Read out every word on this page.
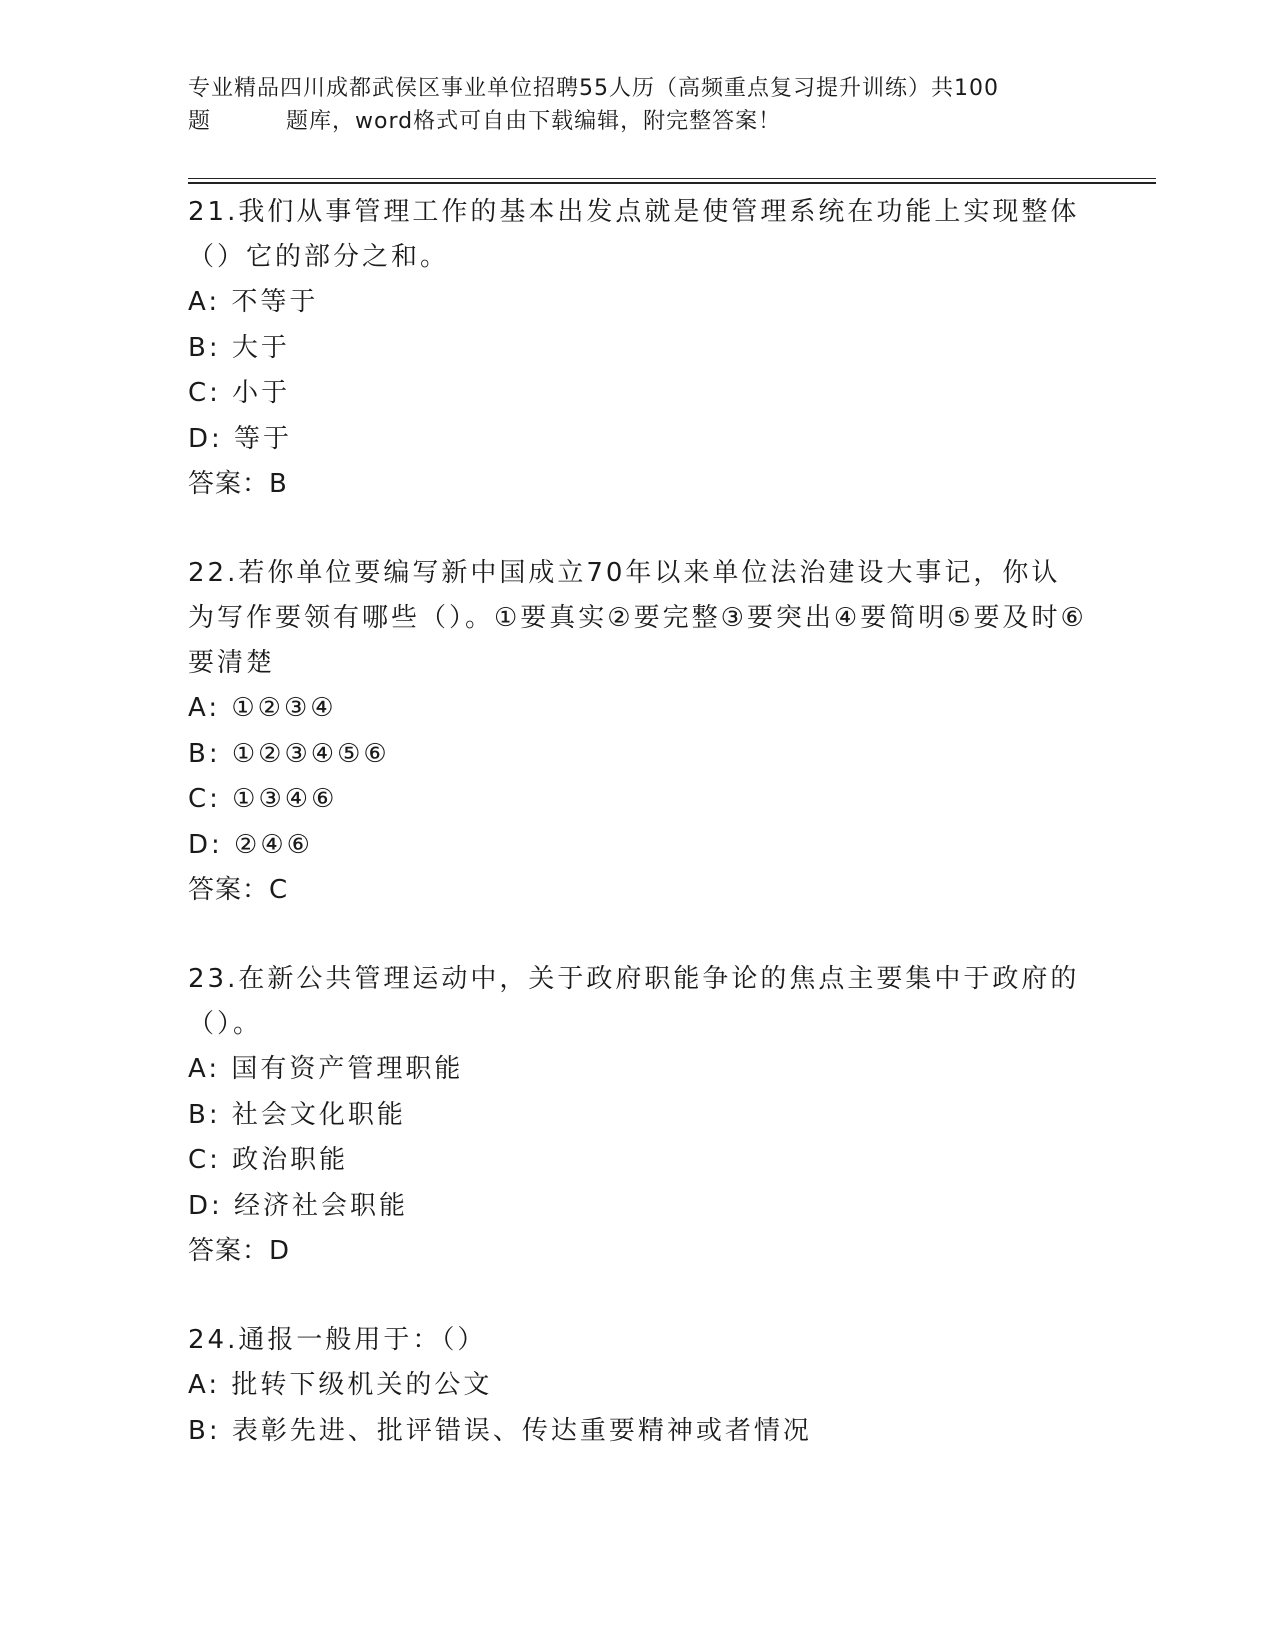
专业精品四川成都武侯区事业单位招聘55人历（高频重点复习提升训练）共100
题	题库，word格式可自由下载编辑，附完整答案！
21.我们从事管理工作的基本出发点就是使管理系统在功能上实现整体（）它的部分之和。
A: 不等于
B: 大于
C: 小于
D: 等于
答案：B
22.若你单位要编写新中国成立70年以来单位法治建设大事记，你认为写作要领有哪些（）。①要真实②要完整③要突出④要简明⑤要及时⑥要清楚
A: ①②③④
B: ①②③④⑤⑥
C: ①③④⑥
D: ②④⑥
答案：C
23.在新公共管理运动中，关于政府职能争论的焦点主要集中于政府的（）。
A: 国有资产管理职能
B: 社会文化职能
C: 政治职能
D: 经济社会职能
答案：D
24.通报一般用于：（）
A: 批转下级机关的公文
B: 表彰先进、批评错误、传达重要精神或者情况
